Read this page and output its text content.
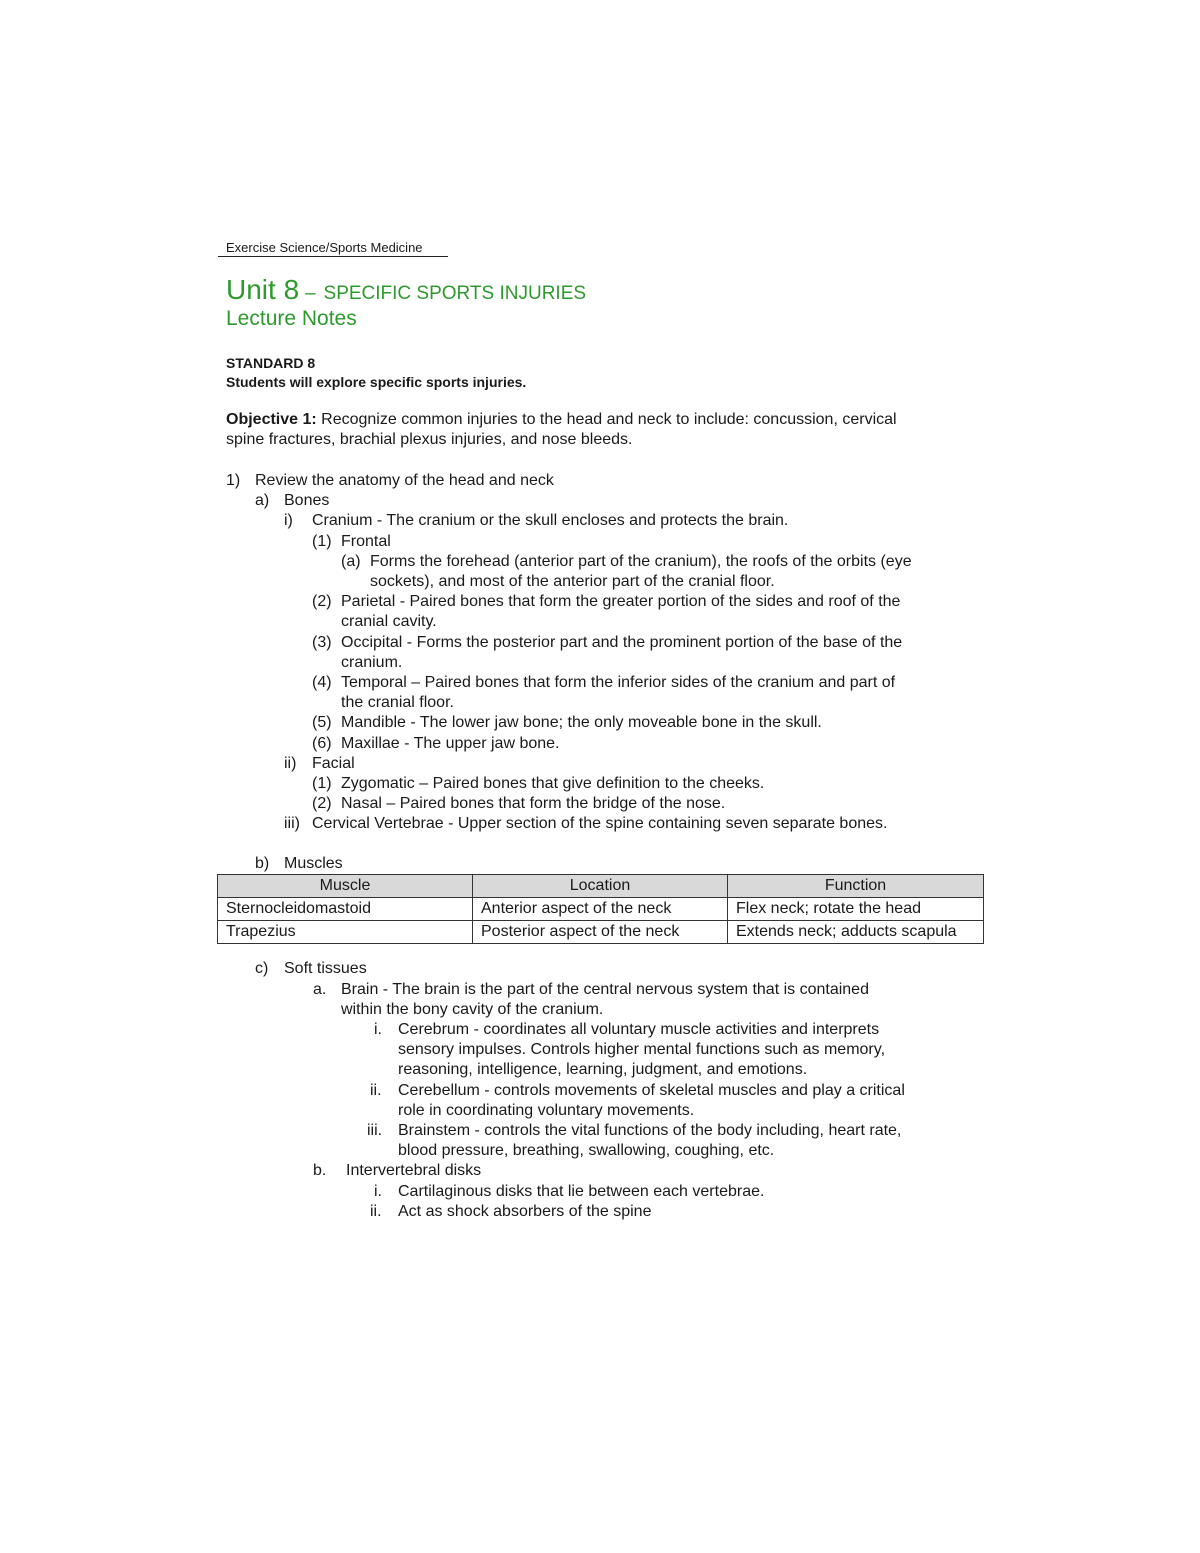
Exercise Science/Sports Medicine
Unit 8 – SPECIFIC SPORTS INJURIES
Lecture Notes
STANDARD 8
Students will explore specific sports injuries.
Objective 1: Recognize common injuries to the head and neck to include: concussion, cervical
spine fractures, brachial plexus injuries, and nose bleeds.
1) Review the anatomy of the head and neck
a) Bones
i) Cranium - The cranium or the skull encloses and protects the brain.
(1) Frontal
(a) Forms the forehead (anterior part of the cranium), the roofs of the orbits (eye
sockets), and most of the anterior part of the cranial floor.
(2) Parietal - Paired bones that form the greater portion of the sides and roof of the
cranial cavity.
(3) Occipital - Forms the posterior part and the prominent portion of the base of the
cranium.
(4) Temporal – Paired bones that form the inferior sides of the cranium and part of
the cranial floor.
(5) Mandible - The lower jaw bone; the only moveable bone in the skull.
(6) Maxillae - The upper jaw bone.
ii) Facial
(1) Zygomatic – Paired bones that give definition to the cheeks.
(2) Nasal – Paired bones that form the bridge of the nose.
iii) Cervical Vertebrae - Upper section of the spine containing seven separate bones.
b) Muscles
Muscle	Location	Function
Sternocleidomastoid	Anterior aspect of the neck	Flex neck; rotate the head
Trapezius	Posterior aspect of the neck	Extends neck; adducts scapula
c) Soft tissues
a. Brain - The brain is the part of the central nervous system that is contained
within the bony cavity of the cranium.
i. Cerebrum - coordinates all voluntary muscle activities and interprets
sensory impulses. Controls higher mental functions such as memory,
reasoning, intelligence, learning, judgment, and emotions.
ii. Cerebellum - controls movements of skeletal muscles and play a critical
role in coordinating voluntary movements.
iii. Brainstem - controls the vital functions of the body including, heart rate,
blood pressure, breathing, swallowing, coughing, etc.
b. Intervertebral disks
i. Cartilaginous disks that lie between each vertebrae.
ii. Act as shock absorbers of the spine
